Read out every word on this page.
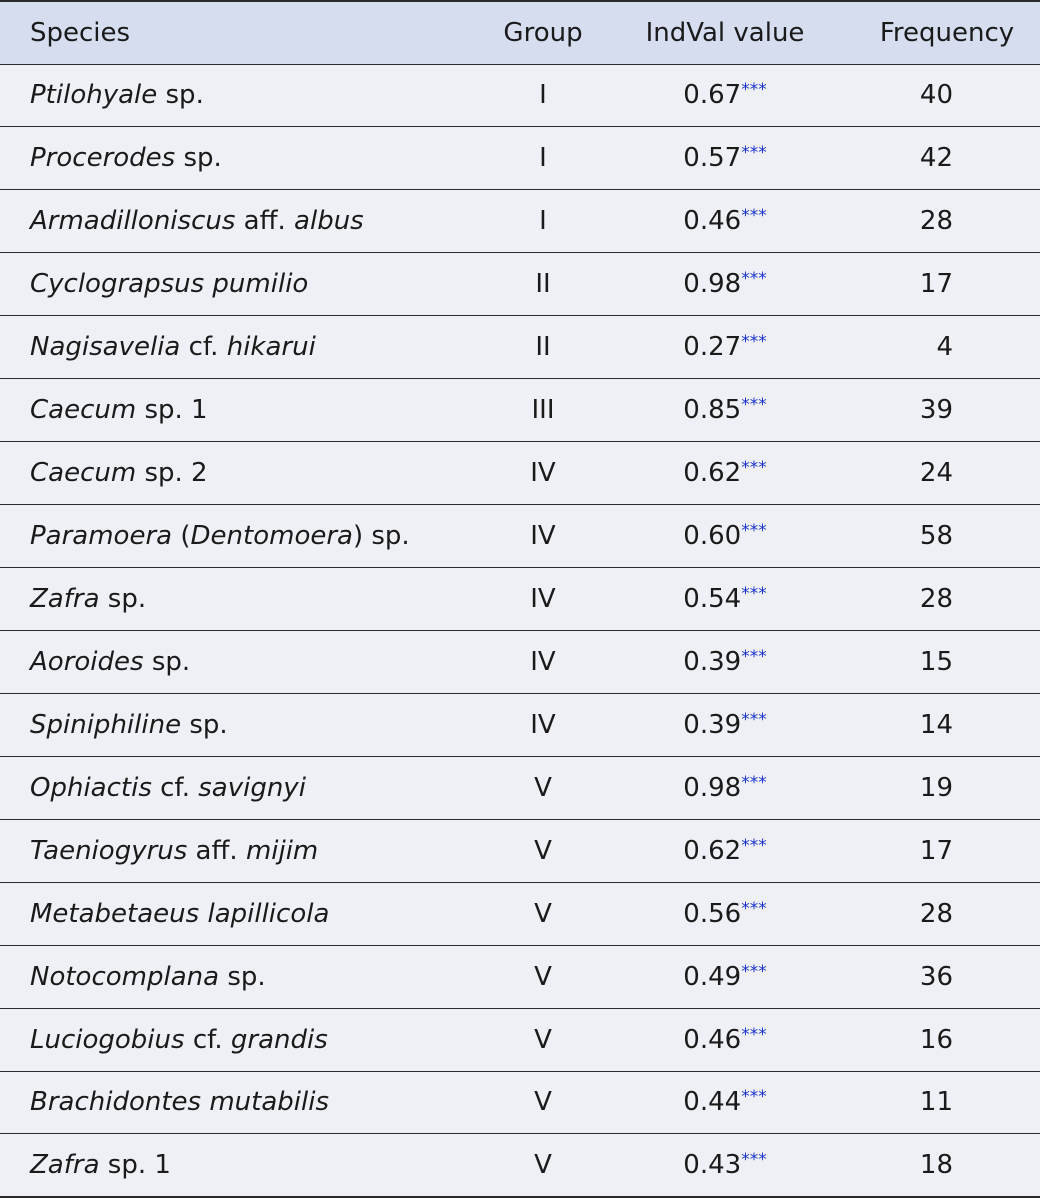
Species	Group	IndVal value	Frequency
Ptilohyale sp.	I	0.67***	40
Procerodes sp.	I	0.57***	42
Armadilloniscus aff. albus	I	0.46***	28
Cyclograpsus pumilio	II	0.98***	17
Nagisavelia cf. hikarui	II	0.27***	4
Caecum sp. 1	III	0.85***	39
Caecum sp. 2	IV	0.62***	24
Paramoera (Dentomoera) sp.	IV	0.60***	58
Zafra sp.	IV	0.54***	28
Aoroides sp.	IV	0.39***	15
Spiniphiline sp.	IV	0.39***	14
Ophiactis cf. savignyi	V	0.98***	19
Taeniogyrus aff. mijim	V	0.62***	17
Metabetaeus lapillicola	V	0.56***	28
Notocomplana sp.	V	0.49***	36
Luciogobius cf. grandis	V	0.46***	16
Brachidontes mutabilis	V	0.44***	11
Zafra sp. 1	V	0.43***	18
